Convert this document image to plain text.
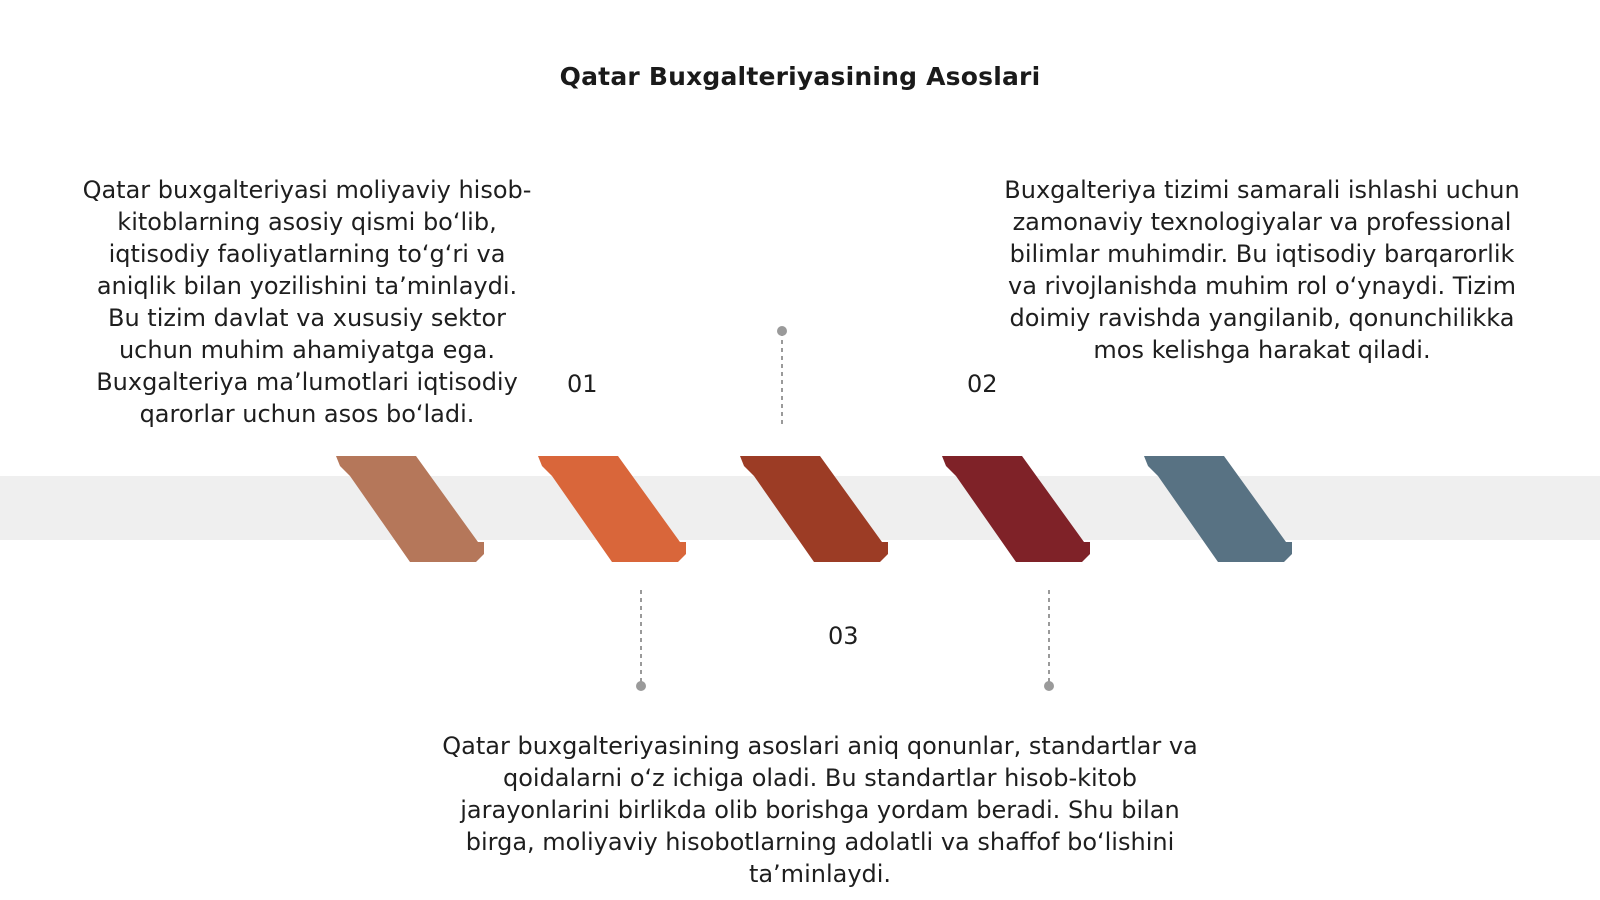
Qatar Buxgalteriyasining Asoslari
Qatar buxgalteriyasi moliyaviy hisob-kitoblarning asosiy qismi bo‘lib, iqtisodiy faoliyatlarning to‘g‘ri va aniqlik bilan yozilishini ta’minlaydi. Bu tizim davlat va xususiy sektor uchun muhim ahamiyatga ega. Buxgalteriya ma’lumotlari iqtisodiy qarorlar uchun asos bo‘ladi.
Buxgalteriya tizimi samarali ishlashi uchun zamonaviy texnologiyalar va professional bilimlar muhimdir. Bu iqtisodiy barqarorlik va rivojlanishda muhim rol o‘ynaydi. Tizim doimiy ravishda yangilanib, qonunchilikka mos kelishga harakat qiladi.
Qatar buxgalteriyasining asoslari aniq qonunlar, standartlar va qoidalarni o‘z ichiga oladi. Bu standartlar hisob-kitob jarayonlarini birlikda olib borishga yordam beradi. Shu bilan birga, moliyaviy hisobotlarning adolatli va shaffof bo‘lishini ta’minlaydi.
01	02
03
